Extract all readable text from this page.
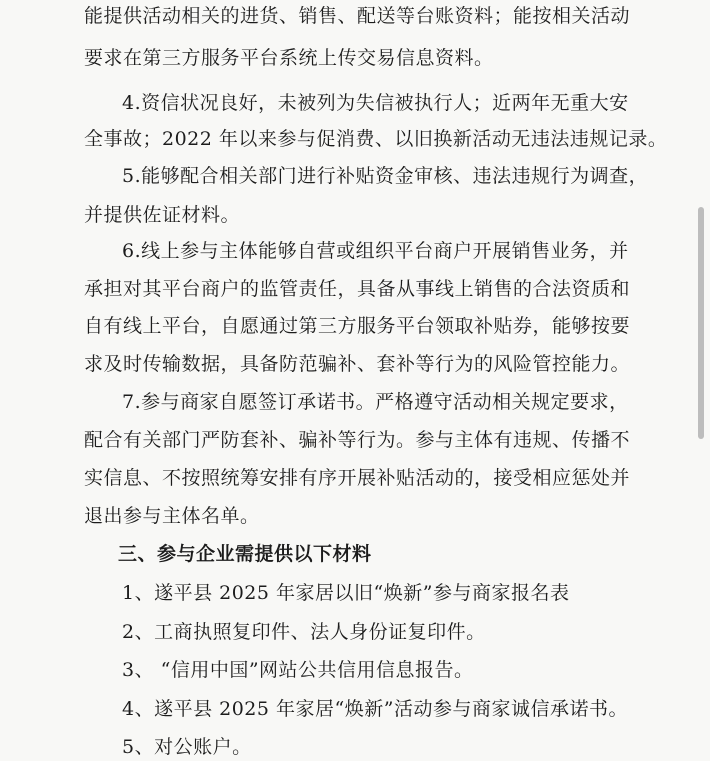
能提供活动相关的进货、销售、配送等台账资料；能按相关活动
要求在第三方服务平台系统上传交易信息资料。
4.资信状况良好，未被列为失信被执行人；近两年无重大安
全事故；2022 年以来参与促消费、以旧换新活动无违法违规记录。
5.能够配合相关部门进行补贴资金审核、违法违规行为调查，
并提供佐证材料。
6.线上参与主体能够自营或组织平台商户开展销售业务，并
承担对其平台商户的监管责任，具备从事线上销售的合法资质和
自有线上平台，自愿通过第三方服务平台领取补贴券，能够按要
求及时传输数据，具备防范骗补、套补等行为的风险管控能力。
7.参与商家自愿签订承诺书。严格遵守活动相关规定要求，
配合有关部门严防套补、骗补等行为。参与主体有违规、传播不
实信息、不按照统筹安排有序开展补贴活动的，接受相应惩处并
退出参与主体名单。
三、参与企业需提供以下材料
1、遂平县 2025 年家居以旧“焕新”参与商家报名表
2、工商执照复印件、法人身份证复印件。
3、 “信用中国”网站公共信用信息报告。
4、遂平县 2025 年家居“焕新”活动参与商家诚信承诺书。
5、对公账户。
